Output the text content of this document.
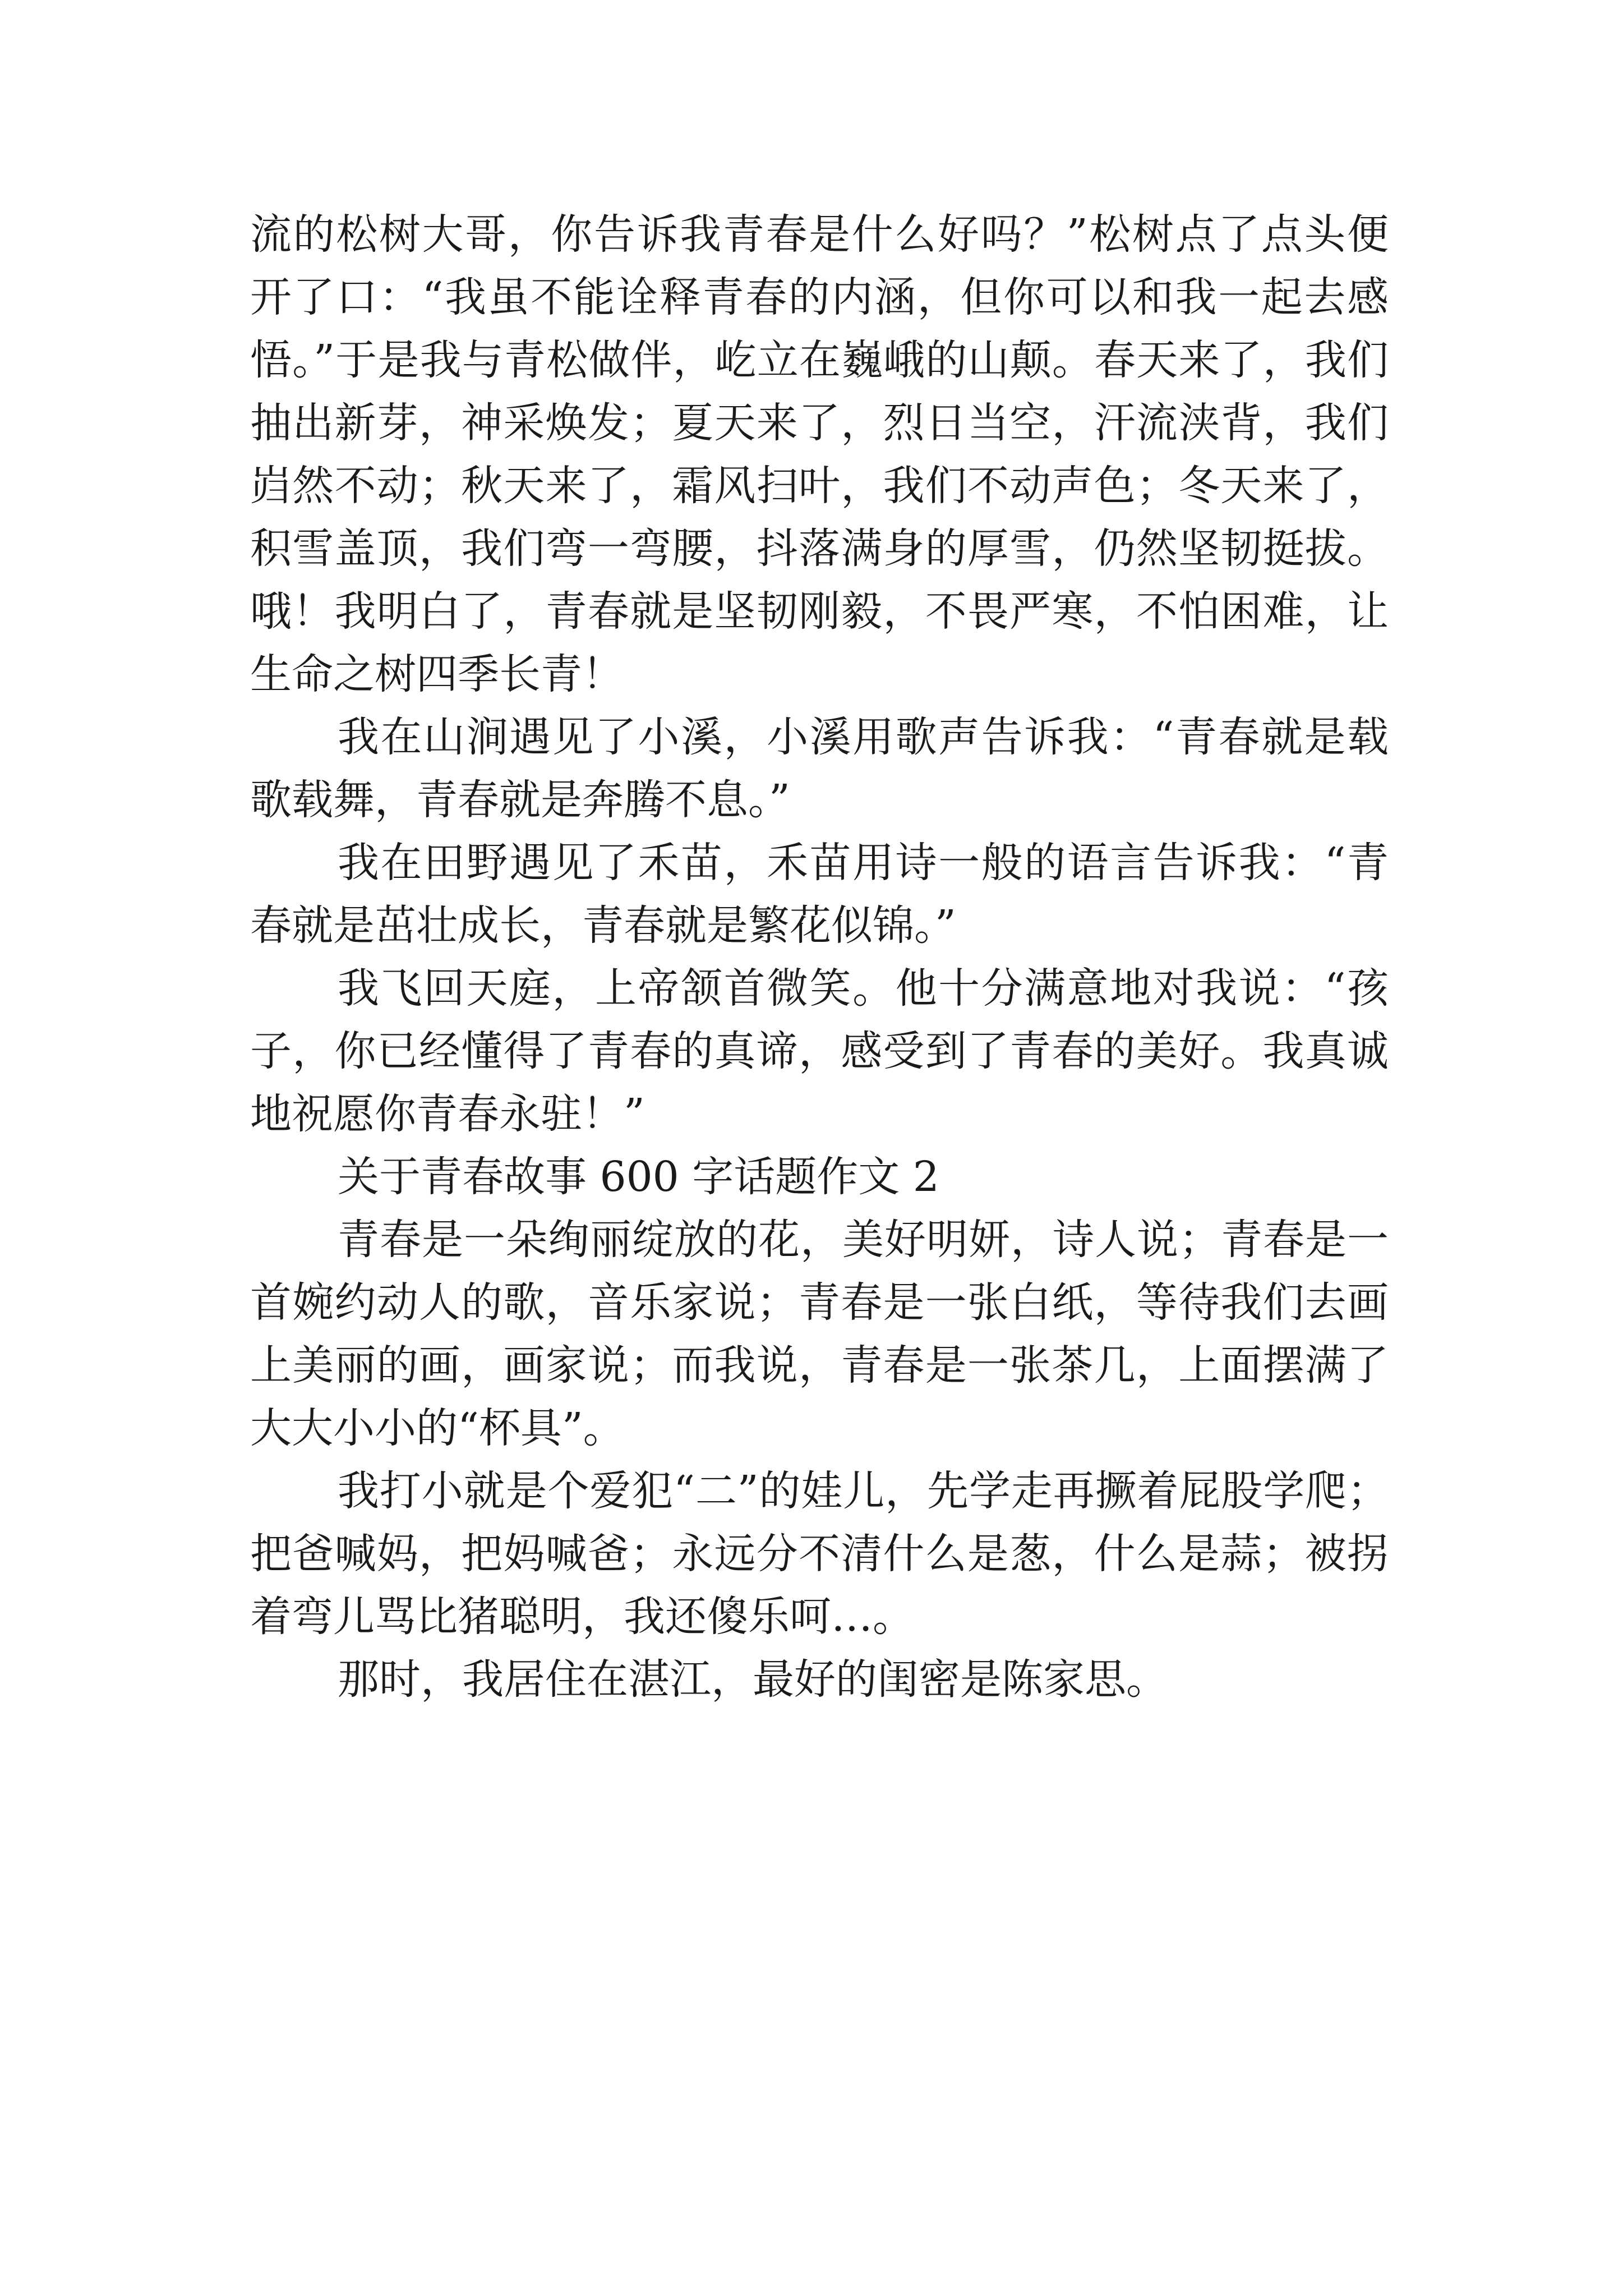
流的松树大哥，你告诉我青春是什么好吗？”松树点了点头便开了口：“我虽不能诠释青春的内涵，但你可以和我一起去感悟。”于是我与青松做伴，屹立在巍峨的山颠。春天来了，我们抽出新芽，神采焕发；夏天来了，烈日当空，汗流浃背，我们岿然不动；秋天来了，霜风扫叶，我们不动声色；冬天来了，积雪盖顶，我们弯一弯腰，抖落满身的厚雪，仍然坚韧挺拔。哦！我明白了，青春就是坚韧刚毅，不畏严寒，不怕困难，让生命之树四季长青！

我在山涧遇见了小溪，小溪用歌声告诉我：“青春就是载歌载舞，青春就是奔腾不息。”

我在田野遇见了禾苗，禾苗用诗一般的语言告诉我：“青春就是茁壮成长，青春就是繁花似锦。”

我飞回天庭，上帝颔首微笑。他十分满意地对我说：“孩子，你已经懂得了青春的真谛，感受到了青春的美好。我真诚地祝愿你青春永驻！”

关于青春故事 600 字话题作文 2

青春是一朵绚丽绽放的花，美好明妍，诗人说；青春是一首婉约动人的歌，音乐家说；青春是一张白纸，等待我们去画上美丽的画，画家说；而我说，青春是一张茶几，上面摆满了大大小小的“杯具”。

我打小就是个爱犯“二”的娃儿，先学走再撅着屁股学爬；把爸喊妈，把妈喊爸；永远分不清什么是葱，什么是蒜；被拐着弯儿骂比猪聪明，我还傻乐呵…。

那时，我居住在湛江，最好的闺密是陈家思。
